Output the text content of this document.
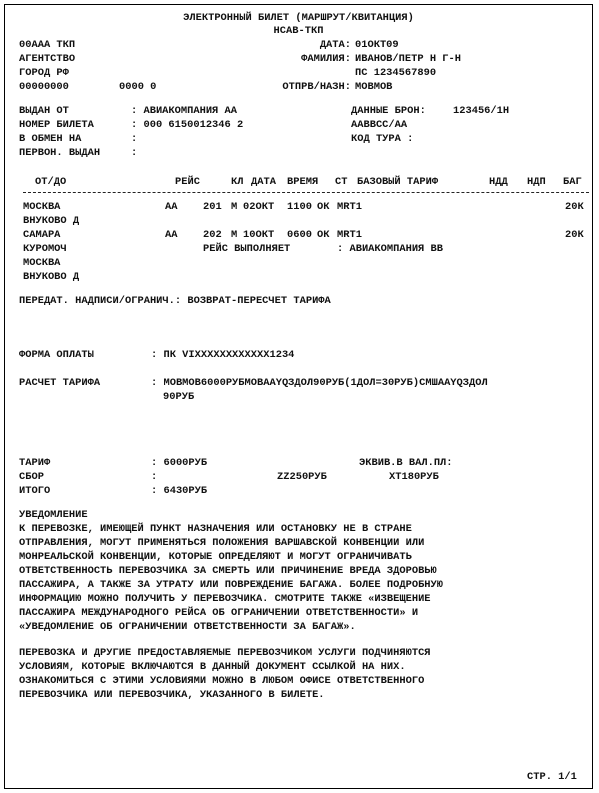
ЭЛЕКТРОННЫЙ БИЛЕТ (МАРШРУТ/КВИТАНЦИЯ)
НСАВ-ТКП
00ААА ТКП
АГЕНТСТВО
ГОРОД РФ
00000000	0000 0
ДАТА: 01ОКТ09
ФАМИЛИЯ: ИВАНОВ/ПЕТР Н Г-Н
ПС 1234567890
ОТПРВ/НАЗН: МОВМОВ
ВЫДАН ОТ	: АВИАКОМПАНИЯ АА
НОМЕР БИЛЕТА	: 000 6150012346 2
В ОБМЕН НА	:
ПЕРВОН. ВЫДАН	:
ДАННЫЕ БРОН:	123456/1Н
ААВВСС/АА
КОД ТУРА :
ОТ/ДО	РЕЙС	КЛ ДАТА ВРЕМЯ СТ БАЗОВЫЙ ТАРИФ	НДД НДП БАГ
МОСКВА	АА 201 М 02ОКТ 1100 ОК MRT1	20К
ВНУКОВО Д
САМАРА	АА 202 М 10ОКТ 0600 ОК MRT1	20К
КУРОМОЧ	РЕЙС ВЫПОЛНЯЕТ	: АВИАКОМПАНИЯ ВВ
МОСКВА
ВНУКОВО Д
ПЕРЕДАТ. НАДПИСИ/ОГРАНИЧ.: ВОЗВРАТ-ПЕРЕСЧЕТ ТАРИФА
ФОРМА ОПЛАТЫ	: ПК VIXXXXXXXXXXXX1234
РАСЧЕТ ТАРИФА	: МОВМОВ6000РУБМОВААYQЗДОЛ90РУБ(1ДОЛ=30РУБ)СМШААYQЗДОЛ
90РУБ
ТАРИФ	: 6000РУБ	ЭКВИВ.В ВАЛ.ПЛ:
СБОР	:	ZZ250РУБ	XT180РУБ
ИТОГО	: 6430РУБ
УВЕДОМЛЕНИЕ
К ПЕРЕВОЗКЕ, ИМЕЮЩЕЙ ПУНКТ НАЗНАЧЕНИЯ ИЛИ ОСТАНОВКУ НЕ В СТРАНЕ
ОТПРАВЛЕНИЯ, МОГУТ ПРИМЕНЯТЬСЯ ПОЛОЖЕНИЯ ВАРШАВСКОЙ КОНВЕНЦИИ ИЛИ
МОНРЕАЛЬСКОЙ КОНВЕНЦИИ, КОТОРЫЕ ОПРЕДЕЛЯЮТ И МОГУТ ОГРАНИЧИВАТЬ
ОТВЕТСТВЕННОСТЬ ПЕРЕВОЗЧИКА ЗА СМЕРТЬ ИЛИ ПРИЧИНЕНИЕ ВРЕДА ЗДОРОВЬЮ
ПАССАЖИРА, А ТАКЖЕ ЗА УТРАТУ ИЛИ ПОВРЕЖДЕНИЕ БАГАЖА. БОЛЕЕ ПОДРОБНУЮ
ИНФОРМАЦИЮ МОЖНО ПОЛУЧИТЬ У ПЕРЕВОЗЧИКА. СМОТРИТЕ ТАКЖЕ «ИЗВЕЩЕНИЕ
ПАССАЖИРА МЕЖДУНАРОДНОГО РЕЙСА ОБ ОГРАНИЧЕНИИ ОТВЕТСТВЕННОСТИ» И
«УВЕДОМЛЕНИЕ ОБ ОГРАНИЧЕНИИ ОТВЕТСТВЕННОСТИ ЗА БАГАЖ».
ПЕРЕВОЗКА И ДРУГИЕ ПРЕДОСТАВЛЯЕМЫЕ ПЕРЕВОЗЧИКОМ УСЛУГИ ПОДЧИНЯЮТСЯ
УСЛОВИЯМ, КОТОРЫЕ ВКЛЮЧАЮТСЯ В ДАННЫЙ ДОКУМЕНТ ССЫЛКОЙ НА НИХ.
ОЗНАКОМИТЬСЯ С ЭТИМИ УСЛОВИЯМИ МОЖНО В ЛЮБОМ ОФИСЕ ОТВЕТСТВЕННОГО
ПЕРЕВОЗЧИКА ИЛИ ПЕРЕВОЗЧИКА, УКАЗАННОГО В БИЛЕТЕ.
СТР. 1/1
